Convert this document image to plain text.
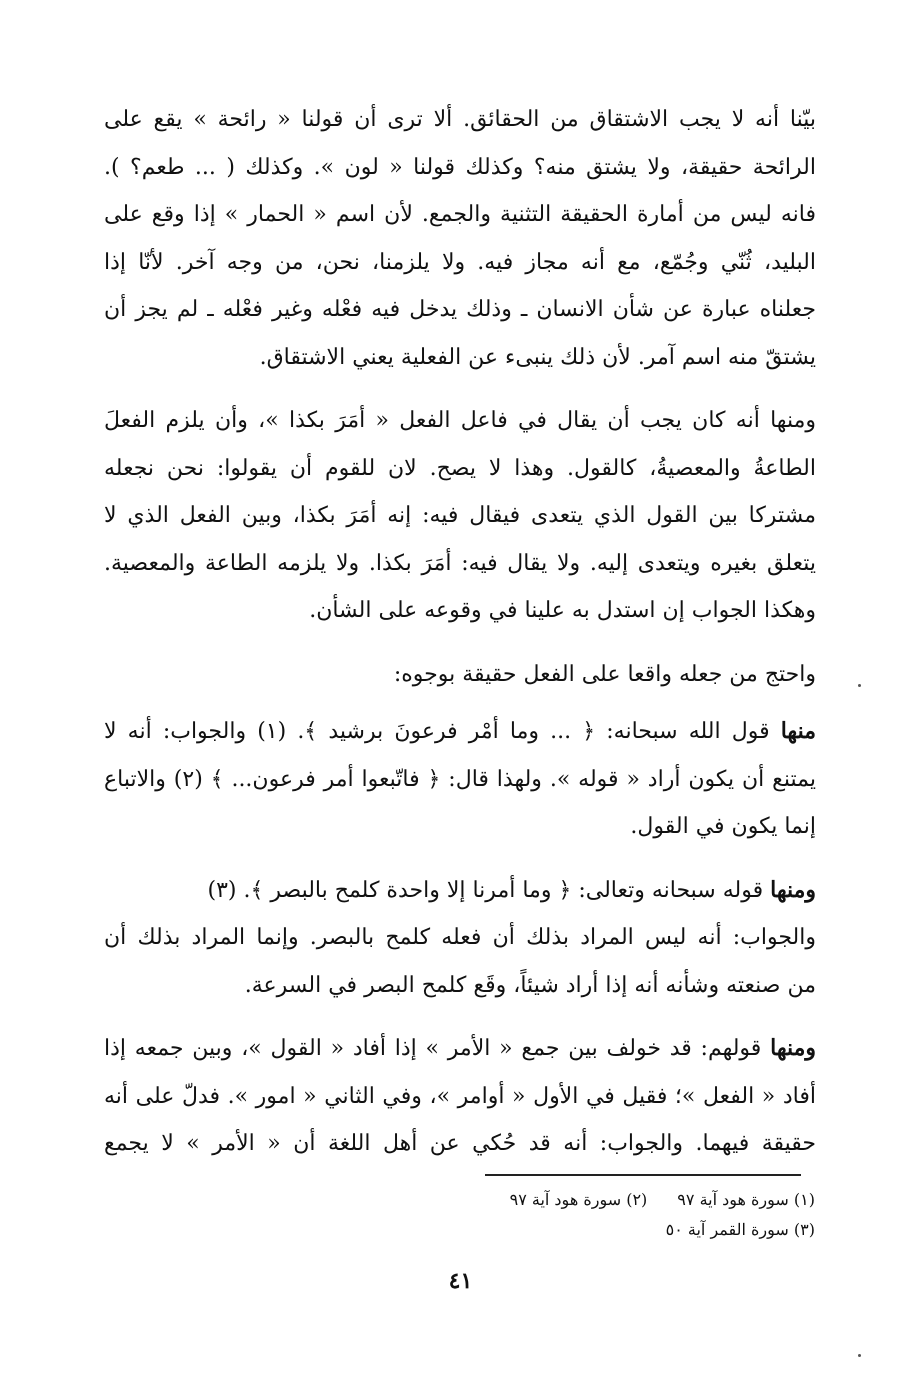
بيّنا أنه لا يجب الاشتقاق من الحقائق. ألا ترى أن قولنا « رائحة » يقع على
الرائحة حقيقة، ولا يشتق منه؟ وكذلك قولنا « لون ». وكذلك ( ... طعم؟ ).
فانه ليس من أمارة الحقيقة التثنية والجمع. لأن اسم « الحمار » إذا وقع على
البليد، ثُنّي وجُمّع، مع أنه مجاز فيه. ولا يلزمنا، نحن، من وجه آخر. لأنّا إذا
جعلناه عبارة عن شأن الانسان ـ وذلك يدخل فيه فعْله وغير فعْله ـ لم يجز أن
يشتقّ منه اسم آمر. لأن ذلك ينبىء عن الفعلية يعني الاشتقاق.

ومنها أنه كان يجب أن يقال في فاعل الفعل « أمَرَ بكذا »، وأن يلزم الفعلَ
الطاعةُ والمعصيةُ، كالقول. وهذا لا يصح. لان للقوم أن يقولوا: نحن نجعله
مشتركا بين القول الذي يتعدى فيقال فيه: إنه أمَرَ بكذا، وبين الفعل الذي لا
يتعلق بغيره ويتعدى إليه. ولا يقال فيه: أمَرَ بكذا. ولا يلزمه الطاعة والمعصية.
وهكذا الجواب إن استدل به علينا في وقوعه على الشأن.

واحتج من جعله واقعا على الفعل حقيقة بوجوه:

منها قول الله سبحانه: ﴿ ... وما أمْر فرعونَ برشيد ﴾. (١) والجواب: أنه لا
يمتنع أن يكون أراد « قوله ». ولهذا قال: ﴿ فاتّبعوا أمر فرعون... ﴾ (٢) والاتباع
إنما يكون في القول.

ومنها قوله سبحانه وتعالى: ﴿ وما أمرنا إلا واحدة كلمح بالبصر ﴾. (٣)
والجواب: أنه ليس المراد بذلك أن فعله كلمح بالبصر. وإنما المراد بذلك أن
من صنعته وشأنه أنه إذا أراد شيئاً، وقَع كلمح البصر في السرعة.

ومنها قولهم: قد خولف بين جمع « الأمر » إذا أفاد « القول »، وبين جمعه إذا
أفاد « الفعل »؛ فقيل في الأول « أوامر »، وفي الثاني « امور ». فدلّ على أنه
حقيقة فيهما. والجواب: أنه قد حُكي عن أهل اللغة أن « الأمر » لا يجمع

(١) سورة هود آية ٩٧
(٢) سورة هود آية ٩٧
(٣) سورة القمر آية ٥٠
٤١
